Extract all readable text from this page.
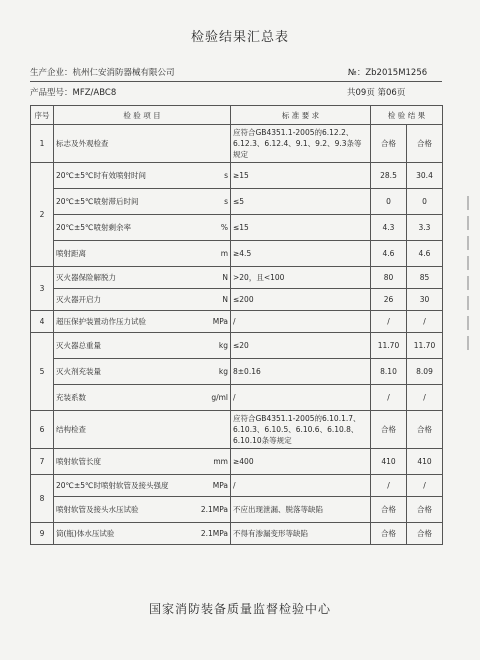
检验结果汇总表
生产企业：杭州仁安消防器械有限公司	№：Zb2015M1256
产品型号：MFZ/ABC8	共09页 第06页
序号	检 验 项 目	标 准 要 求	检 验 结 果	
1	标志及外观检查	应符合GB4351.1-2005的6.12.2、6.12.3、6.12.4、9.1、9.2、9.3条等规定	合格	合格
2	20℃±5℃时有效喷射时间 s	≥15	28.5	30.4

	20℃±5℃喷射滞后时间 s	≤5	0	0

	20℃±5℃喷射剩余率 %	≤15	4.3	3.3

	喷射距离 m	≥4.5	4.6	4.6
3	灭火器保险解脱力 N	>20，且<100	80	85

	灭火器开启力 N	≤200	26	30
4	超压保护装置动作压力试验 MPa	/	/	/
5	灭火器总重量 kg	≤20	11.70	11.70

	灭火剂充装量 kg	8±0.16	8.10	8.09

	充装系数 g/ml	/	/	/
6	结构检查	应符合GB4351.1-2005的6.10.1.7、6.10.3、6.10.5、6.10.6、6.10.8、6.10.10条等规定	合格	合格
7	喷射软管长度 mm	≥400	410	410
8	20℃±5℃时喷射软管及接头强度 MPa	/	/	/

	喷射软管及接头水压试验 2.1MPa	不应出现泄漏、脱落等缺陷	合格	合格
9	筒(瓶)体水压试验 2.1MPa	不得有渗漏变形等缺陷	合格	合格
国家消防装备质量监督检验中心
